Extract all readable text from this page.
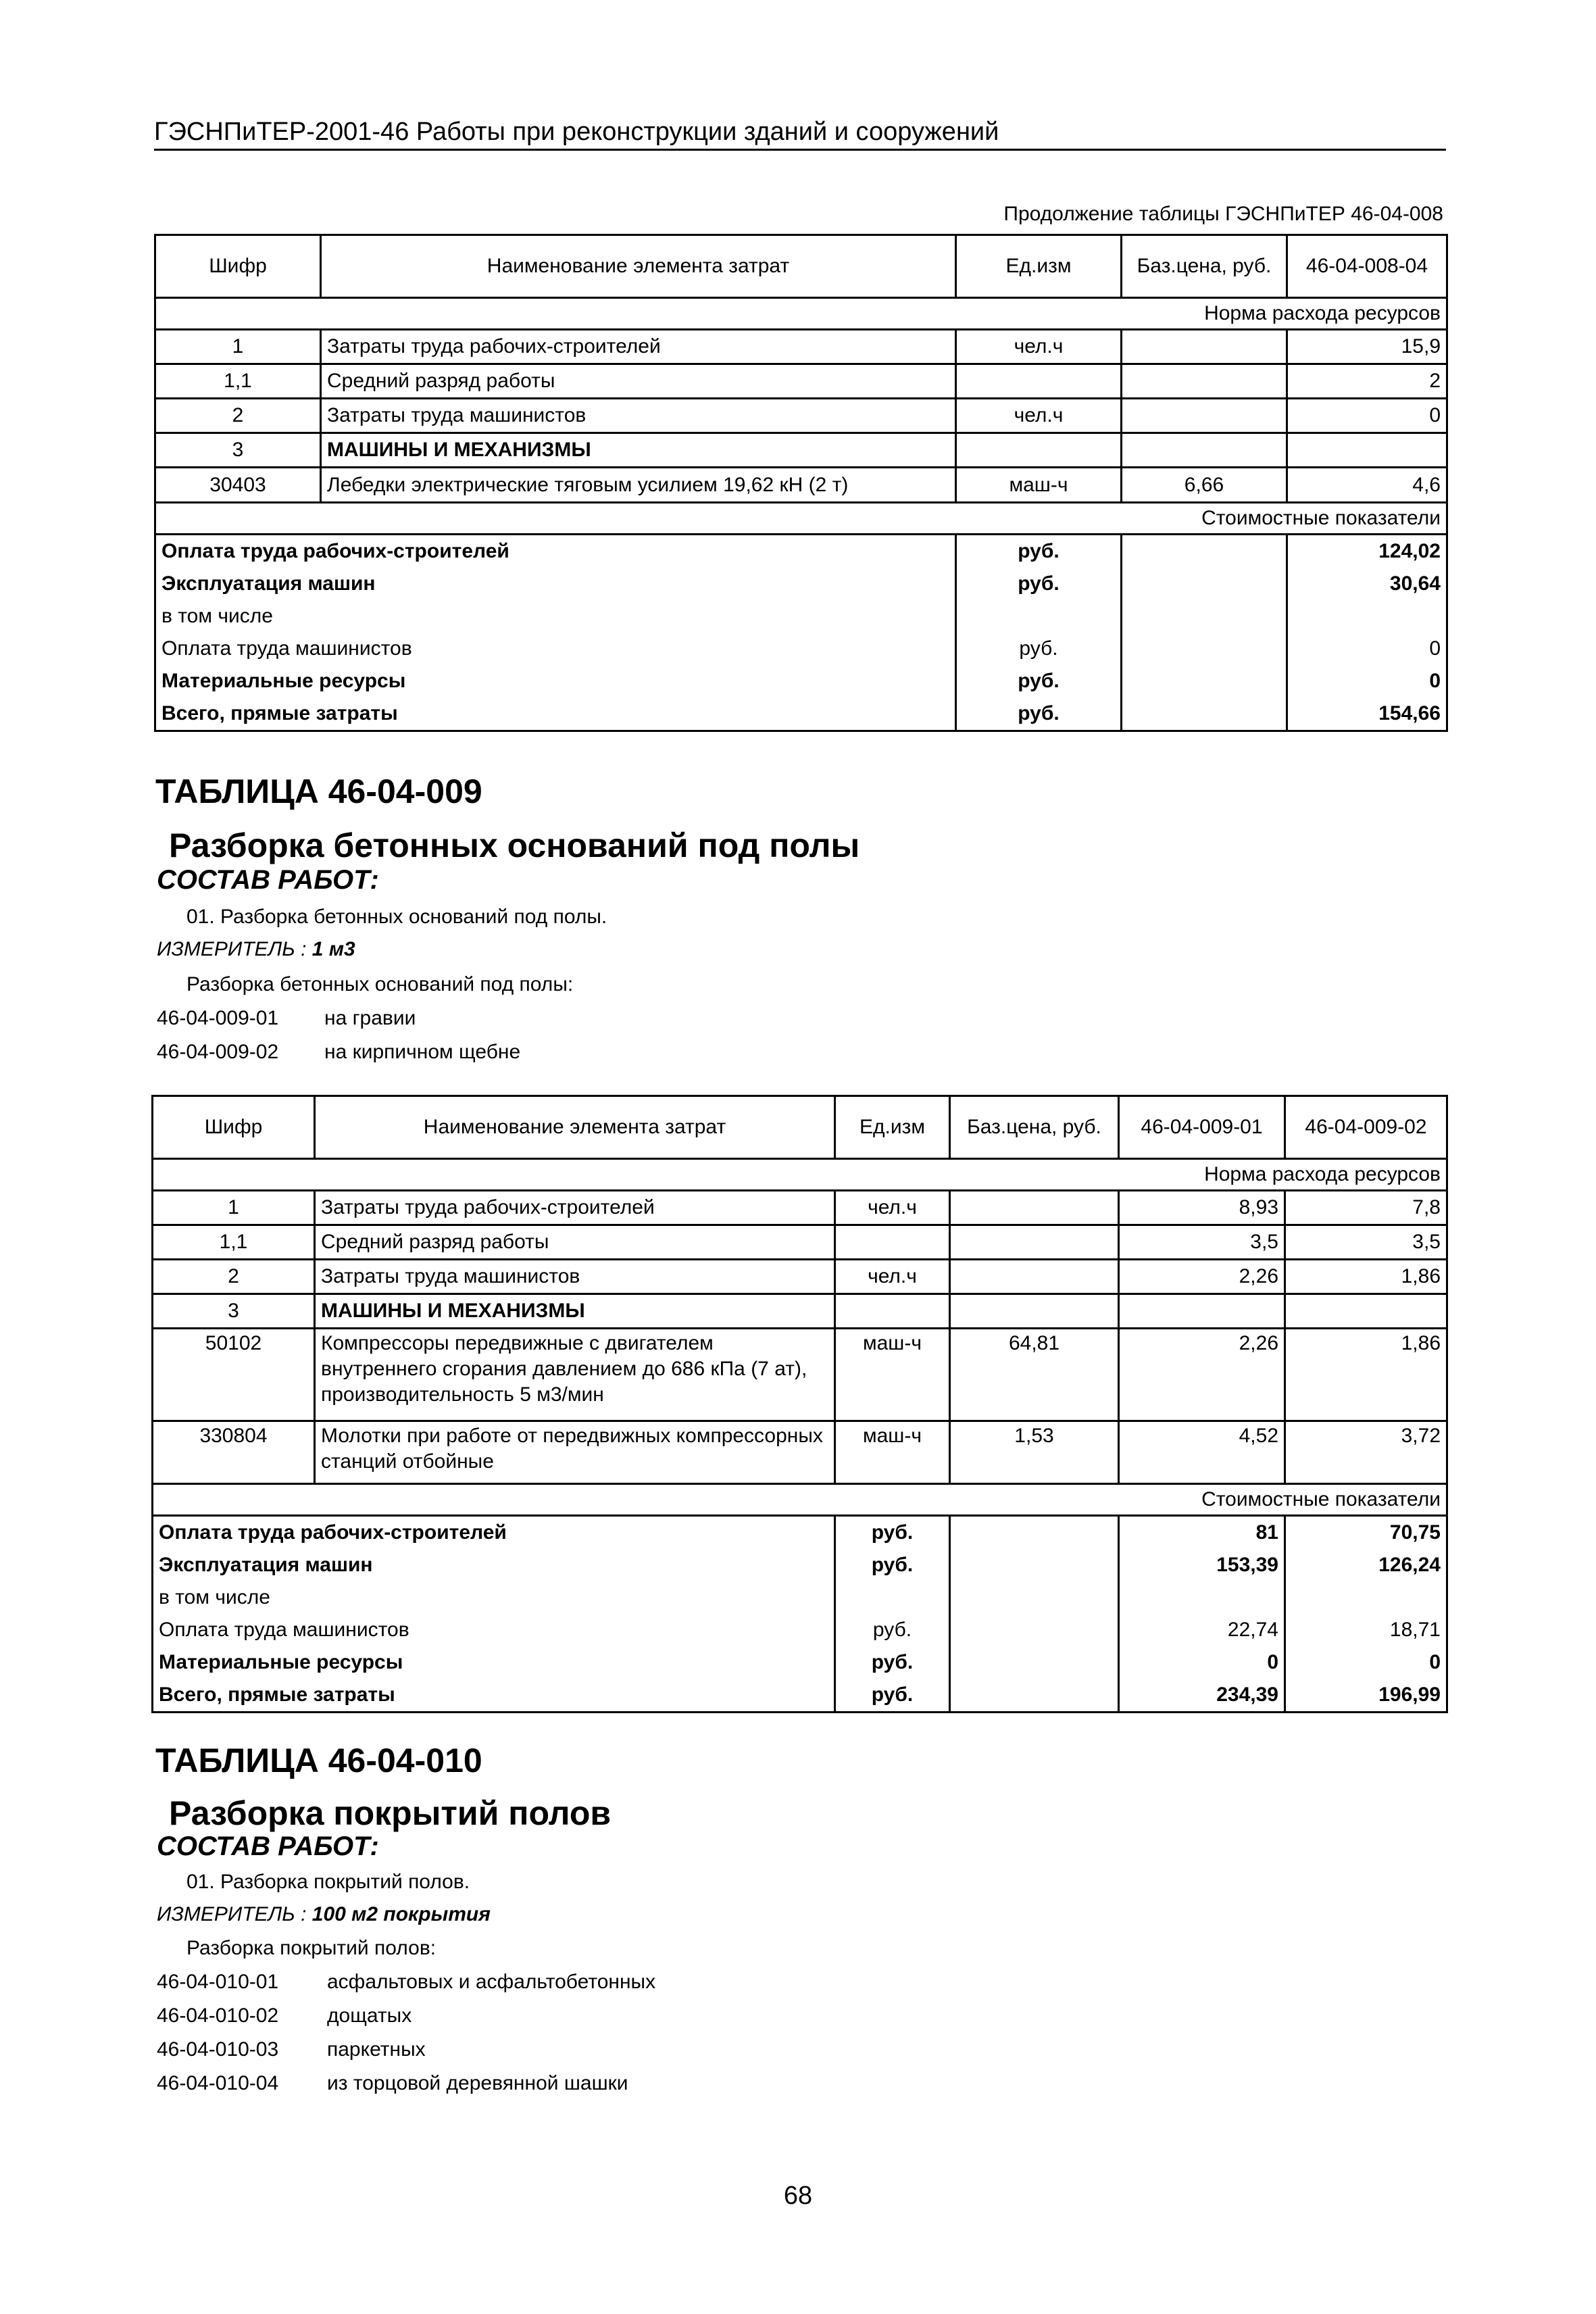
ГЭСНПиТЕР-2001-46 Работы при реконструкции зданий и сооружений
Продолжение таблицы ГЭСНПиТЕР 46-04-008
Шифр	Наименование элемента затрат	Ед.изм	Баз.цена, руб.	46-04-008-04
Норма расхода ресурсов				
1	Затраты труда рабочих-строителей	чел.ч		15,9
1,1	Средний разряд работы			2
2	Затраты труда машинистов	чел.ч		0
3	МАШИНЫ И МЕХАНИЗМЫ			
30403	Лебедки электрические тяговым усилием 19,62 кН (2 т)	маш-ч	6,66	4,6
Стоимостные показатели				
Оплата труда рабочих-строителей		руб.		124,02
Эксплуатация машин		руб.		30,64
в том числе				
Оплата труда машинистов		руб.		0
Материальные ресурсы		руб.		0
Всего, прямые затраты		руб.		154,66
ТАБЛИЦА 46-04-009
Разборка бетонных оснований под полы
СОСТАВ РАБОТ:
01. Разборка бетонных оснований под полы.
ИЗМЕРИТЕЛЬ : 1 м3
Разборка бетонных оснований под полы:
46-04-009-01 на гравии
46-04-009-02 на кирпичном щебне
Шифр	Наименование элемента затрат	Ед.изм	Баз.цена, руб.	46-04-009-01	46-04-009-02
Норма расхода ресурсов					
1	Затраты труда рабочих-строителей	чел.ч		8,93	7,8
1,1	Средний разряд работы			3,5	3,5
2	Затраты труда машинистов	чел.ч		2,26	1,86
3	МАШИНЫ И МЕХАНИЗМЫ				
50102	Компрессоры передвижные с двигателем внутреннего сгорания давлением до 686 кПа (7 ат), производительность 5 м3/мин	маш-ч	64,81	2,26	1,86
330804	Молотки при работе от передвижных компрессорных станций отбойные	маш-ч	1,53	4,52	3,72
Стоимостные показатели					
Оплата труда рабочих-строителей		руб.		81	70,75
Эксплуатация машин		руб.		153,39	126,24
в том числе					
Оплата труда машинистов		руб.		22,74	18,71
Материальные ресурсы		руб.		0	0
Всего, прямые затраты		руб.		234,39	196,99
ТАБЛИЦА 46-04-010
Разборка покрытий полов
СОСТАВ РАБОТ:
01. Разборка покрытий полов.
ИЗМЕРИТЕЛЬ : 100 м2 покрытия
Разборка покрытий полов:
46-04-010-01 асфальтовых и асфальтобетонных
46-04-010-02 дощатых
46-04-010-03 паркетных
46-04-010-04 из торцовой деревянной шашки
68
